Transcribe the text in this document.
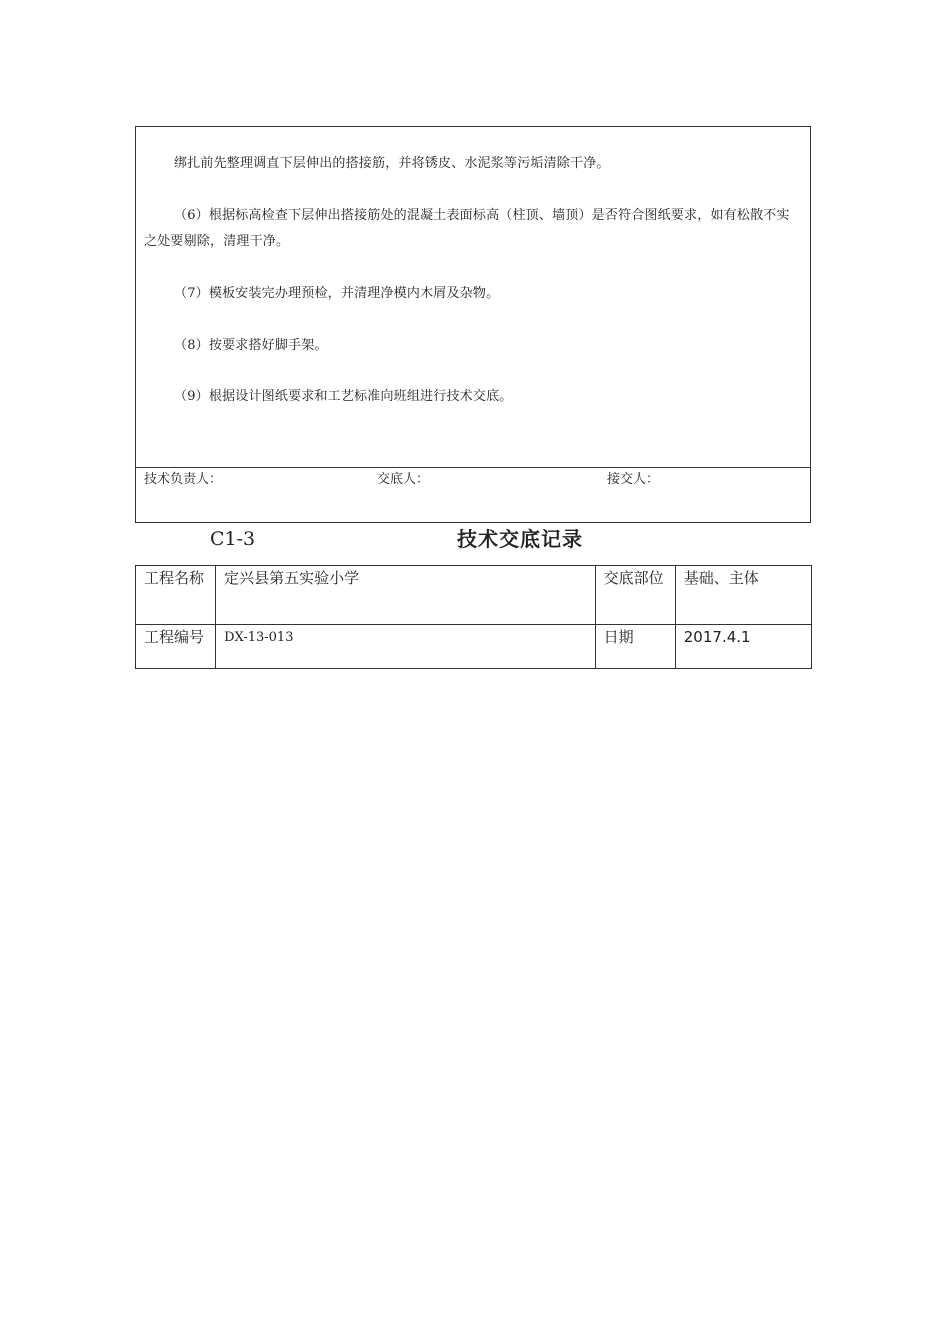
绑扎前先整理调直下层伸出的搭接筋，并将锈皮、水泥浆等污垢清除干净。
（6）根据标高检查下层伸出搭接筋处的混凝土表面标高（柱顶、墙顶）是否符合图纸要求，如有松散不实之处要剔除，清理干净。
（7）模板安装完办理预检，并清理净模内木屑及杂物。
（8）按要求搭好脚手架。
（9）根据设计图纸要求和工艺标准向班组进行技术交底。
技术负责人：	交底人：	接交人：
C1-3	技术交底记录
工程名称	定兴县第五实验小学	交底部位	基础、主体
工程编号	DX-13-013	日期	2017.4.1
